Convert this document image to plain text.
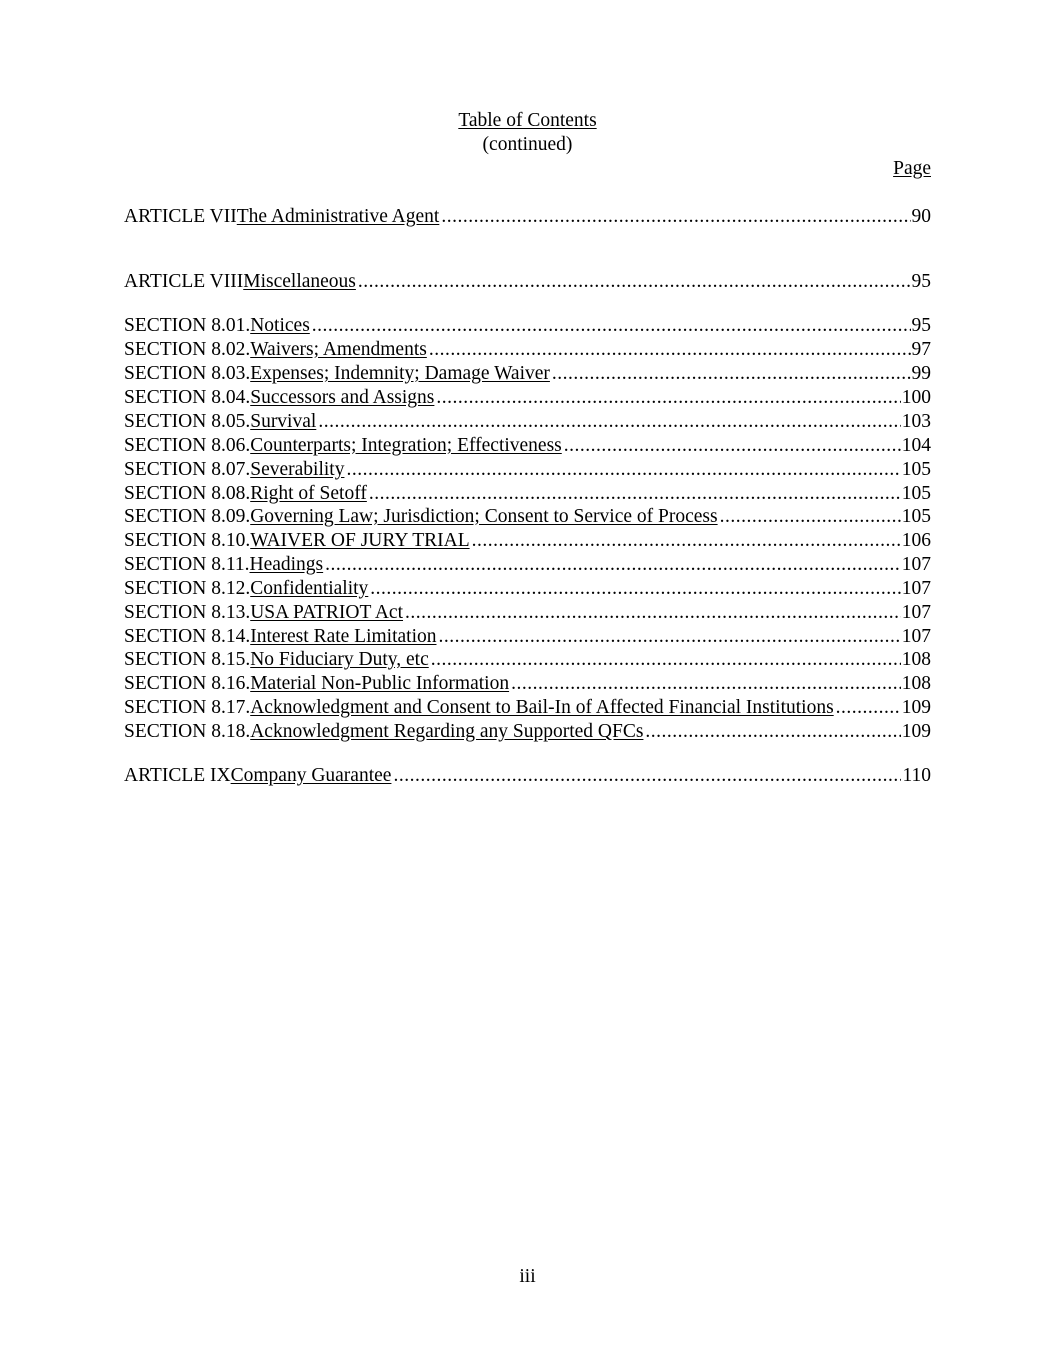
Table of Contents
(continued)
Page
ARTICLE VII The Administrative Agent .....	90
ARTICLE VIII Miscellaneous .....	95
SECTION 8.01. Notices .....	95
SECTION 8.02. Waivers; Amendments .....	97
SECTION 8.03. Expenses; Indemnity; Damage Waiver .....	99
SECTION 8.04. Successors and Assigns .....	100
SECTION 8.05. Survival .....	103
SECTION 8.06. Counterparts; Integration; Effectiveness .....	104
SECTION 8.07. Severability .....	105
SECTION 8.08. Right of Setoff .....	105
SECTION 8.09. Governing Law; Jurisdiction; Consent to Service of Process .....	105
SECTION 8.10. WAIVER OF JURY TRIAL .....	106
SECTION 8.11. Headings .....	107
SECTION 8.12. Confidentiality .....	107
SECTION 8.13. USA PATRIOT Act .....	107
SECTION 8.14. Interest Rate Limitation .....	107
SECTION 8.15. No Fiduciary Duty, etc .....	108
SECTION 8.16. Material Non-Public Information .....	108
SECTION 8.17. Acknowledgment and Consent to Bail-In of Affected Financial Institutions .....	109
SECTION 8.18. Acknowledgment Regarding any Supported QFCs .....	109
ARTICLE IX Company Guarantee .....	110
iii
